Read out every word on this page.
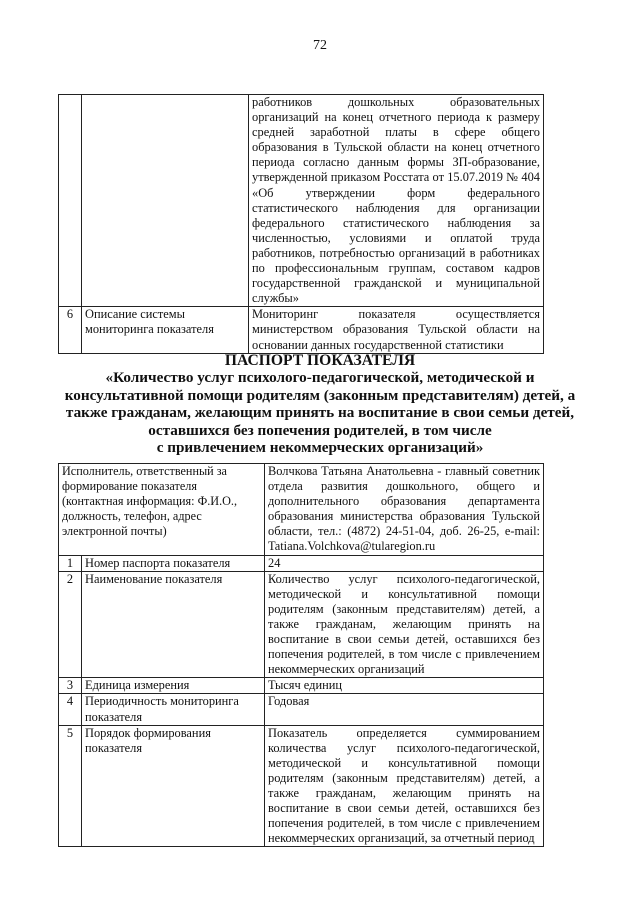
72
		работников дошкольных образовательных организаций на конец отчетного периода к размеру средней заработной платы в сфере общего образования в Тульской области на конец отчетного периода согласно данным формы ЗП-образование, утвержденной приказом Росстата от 15.07.2019 № 404 «Об утверждении форм федерального статистического наблюдения для организации федерального статистического наблюдения за численностью, условиями и оплатой труда работников, потребностью организаций в работниках по профессиональным группам, составом кадров государственной гражданской и муниципальной службы»
6	Описание системы мониторинга показателя	Мониторинг показателя осуществляется министерством образования Тульской области на основании данных государственной статистики
ПАСПОРТ ПОКАЗАТЕЛЯ
«Количество услуг психолого-педагогической, методической и
консультативной помощи родителям (законным представителям) детей, а
также гражданам, желающим принять на воспитание в свои семьи детей,
оставшихся без попечения родителей, в том числе
с привлечением некоммерческих организаций»
Исполнитель, ответственный за формирование показателя (контактная информация: Ф.И.О., должность, телефон, адрес электронной почты)		Волчкова Татьяна Анатольевна - главный советник отдела развития дошкольного, общего и дополнительного образования департамента образования министерства образования Тульской области, тел.: (4872) 24-51-04, доб. 26-25, e-mail: Tatiana.Volchkova@tularegion.ru
1	Номер паспорта показателя	24
2	Наименование показателя	Количество услуг психолого-педагогической, методической и консультативной помощи родителям (законным представителям) детей, а также гражданам, желающим принять на воспитание в свои семьи детей, оставшихся без попечения родителей, в том числе с привлечением некоммерческих организаций
3	Единица измерения	Тысяч единиц
4	Периодичность мониторинга показателя	Годовая
5	Порядок формирования показателя	Показатель определяется суммированием количества услуг психолого-педагогической, методической и консультативной помощи родителям (законным представителям) детей, а также гражданам, желающим принять на воспитание в свои семьи детей, оставшихся без попечения родителей, в том числе с привлечением некоммерческих организаций, за отчетный период
